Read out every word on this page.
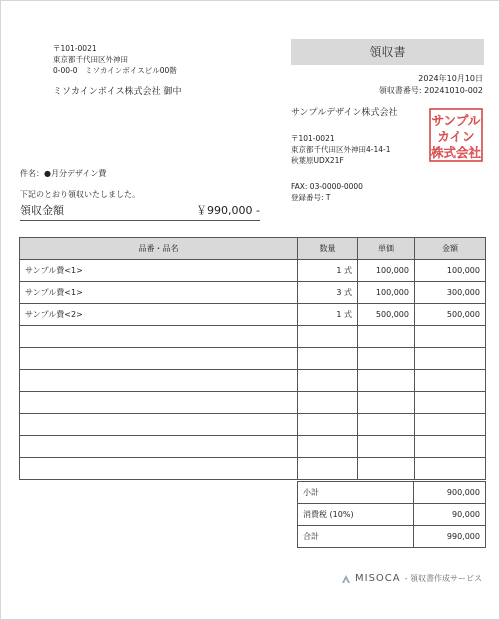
〒101-0021
東京都千代田区外神田
0-00-0　ミソカインボイスビル00階
ミソカインボイス株式会社 御中
領収書
2024年10月10日
領収書番号: 20241010-002
サンプルデザイン株式会社
〒101-0021
東京都千代田区外神田4-14-1
秋葉原UDX21F
FAX: 03-0000-0000
登録番号: T
サンプル
カイン
株式会社
件名：●月分デザイン費
下記のとおり領収いたしました。
領収金額	￥990,000 -
品番・品名	数量	単価	金額
サンプル費<1>	1 式	100,000	100,000
サンプル費<1>	3 式	100,000	300,000
サンプル費<2>	1 式	500,000	500,000

小計	900,000
消費税 (10%)	90,000
合計	990,000
MISOCA - 領収書作成サービス
